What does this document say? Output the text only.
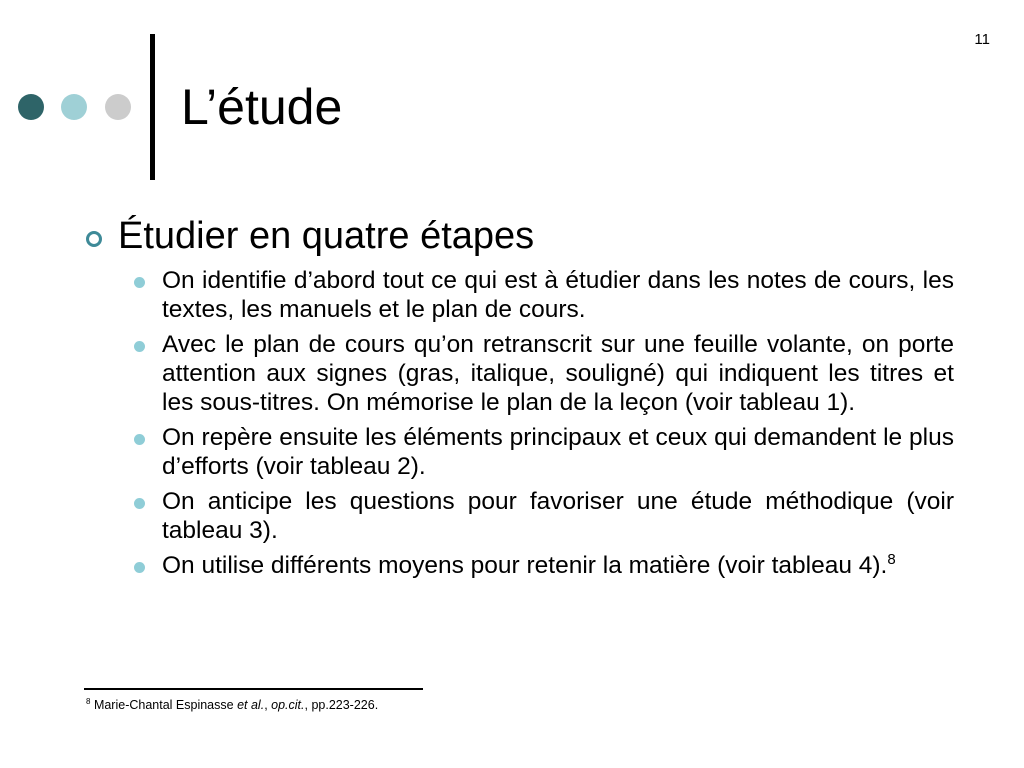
11
L’étude
Étudier en quatre étapes
On identifie d’abord tout ce qui est à étudier dans les notes de cours, les textes, les manuels et le plan de cours.
Avec le plan de cours qu’on retranscrit sur une feuille volante, on porte attention aux signes (gras, italique, souligné) qui indiquent les titres et les sous-titres. On mémorise le plan de la leçon (voir tableau 1).
On repère ensuite les éléments principaux et ceux qui demandent le plus d’efforts (voir tableau 2).
On anticipe les questions pour favoriser une étude méthodique (voir tableau 3).
On utilise différents moyens pour retenir la matière (voir tableau 4).$^8$
$^8$ Marie-Chantal Espinasse et al., op.cit., pp.223-226.
